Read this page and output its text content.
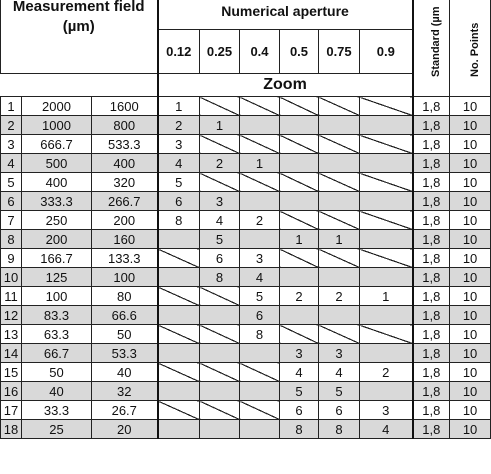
Measurement field
(µm)			Numerical aperture						Standard (µm	No. Points

			0.12	0.25	0.4	0.5	0.75	0.9		
			Zoom							
1	2000	1600	1						1,8	10
2	1000	800	2	1					1,8	10
3	666.7	533.3	3						1,8	10
4	500	400	4	2	1				1,8	10
5	400	320	5						1,8	10
6	333.3	266.7	6	3					1,8	10
7	250	200	8	4	2				1,8	10
8	200	160		5		1	1		1,8	10
9	166.7	133.3		6	3				1,8	10
10	125	100		8	4				1,8	10
11	100	80			5	2	2	1	1,8	10
12	83.3	66.6			6				1,8	10
13	63.3	50			8				1,8	10
14	66.7	53.3				3	3		1,8	10
15	50	40				4	4	2	1,8	10
16	40	32				5	5		1,8	10
17	33.3	26.7				6	6	3	1,8	10
18	25	20				8	8	4	1,8	10
